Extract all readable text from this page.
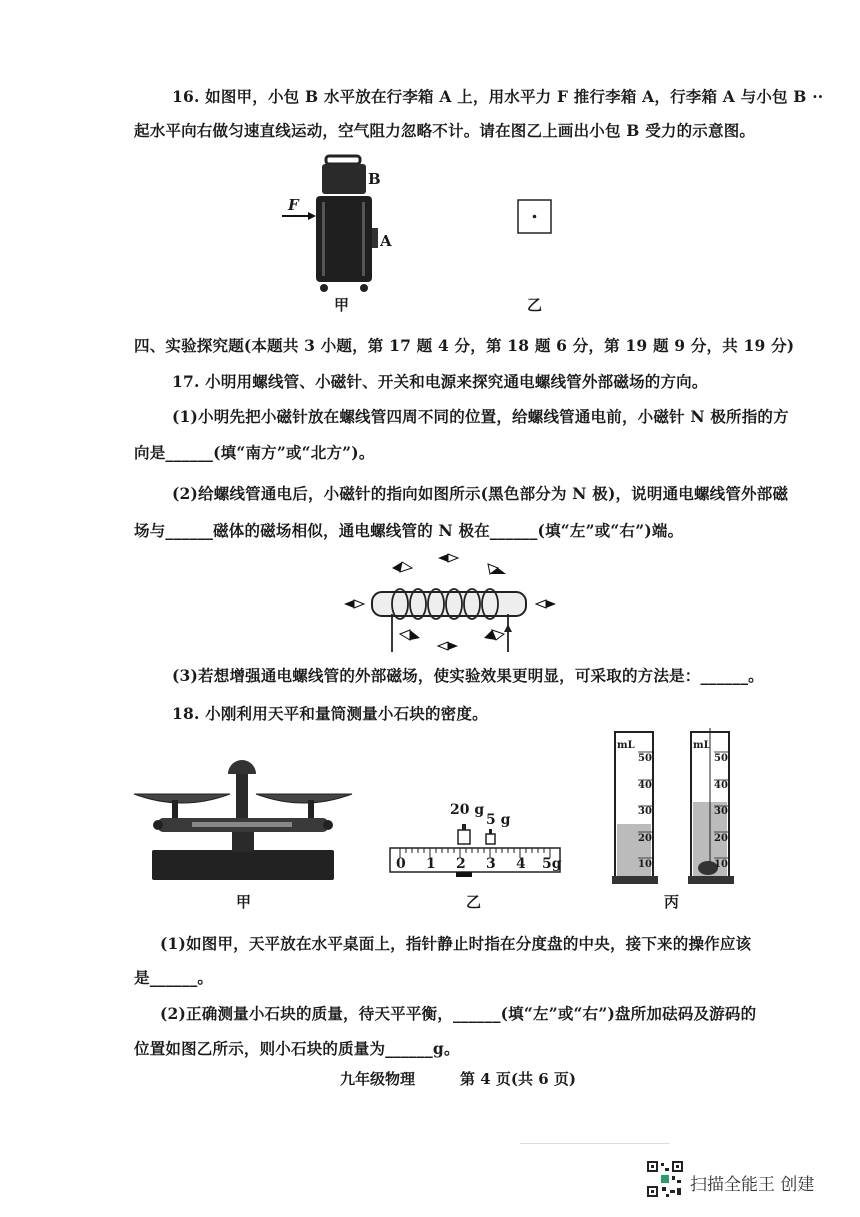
16. 如图甲，小包 B 水平放在行李箱 A 上，用水平力 F 推行李箱 A，行李箱 A 与小包 B ··
起水平向右做匀速直线运动，空气阻力忽略不计。请在图乙上画出小包 B 受力的示意图。
F
B
A
甲	乙
四、实验探究题(本题共 3 小题，第 17 题 4 分，第 18 题 6 分，第 19 题 9 分，共 19 分)
17. 小明用螺线管、小磁针、开关和电源来探究通电螺线管外部磁场的方向。
(1)小明先把小磁针放在螺线管四周不同的位置，给螺线管通电前，小磁针 N 极所指的方
向是______(填“南方”或“北方”)。
(2)给螺线管通电后，小磁针的指向如图所示(黑色部分为 N 极)，说明通电螺线管外部磁
场与______磁体的磁场相似，通电螺线管的 N 极在______(填“左”或“右”)端。
(3)若想增强通电螺线管的外部磁场，使实验效果更明显，可采取的方法是：______。
18. 小刚利用天平和量筒测量小石块的密度。
甲
20 g
5 g
0 1 2 3 4 5g
乙
mL
50
40
30
20
10
mL
50
40
30
20
10
丙
(1)如图甲，天平放在水平桌面上，指针静止时指在分度盘的中央，接下来的操作应该
是______。
(2)正确测量小石块的质量，待天平平衡，______(填“左”或“右”)盘所加砝码及游码的
位置如图乙所示，则小石块的质量为______g。
九年级物理	第 4 页(共 6 页)
扫描全能王 创建
